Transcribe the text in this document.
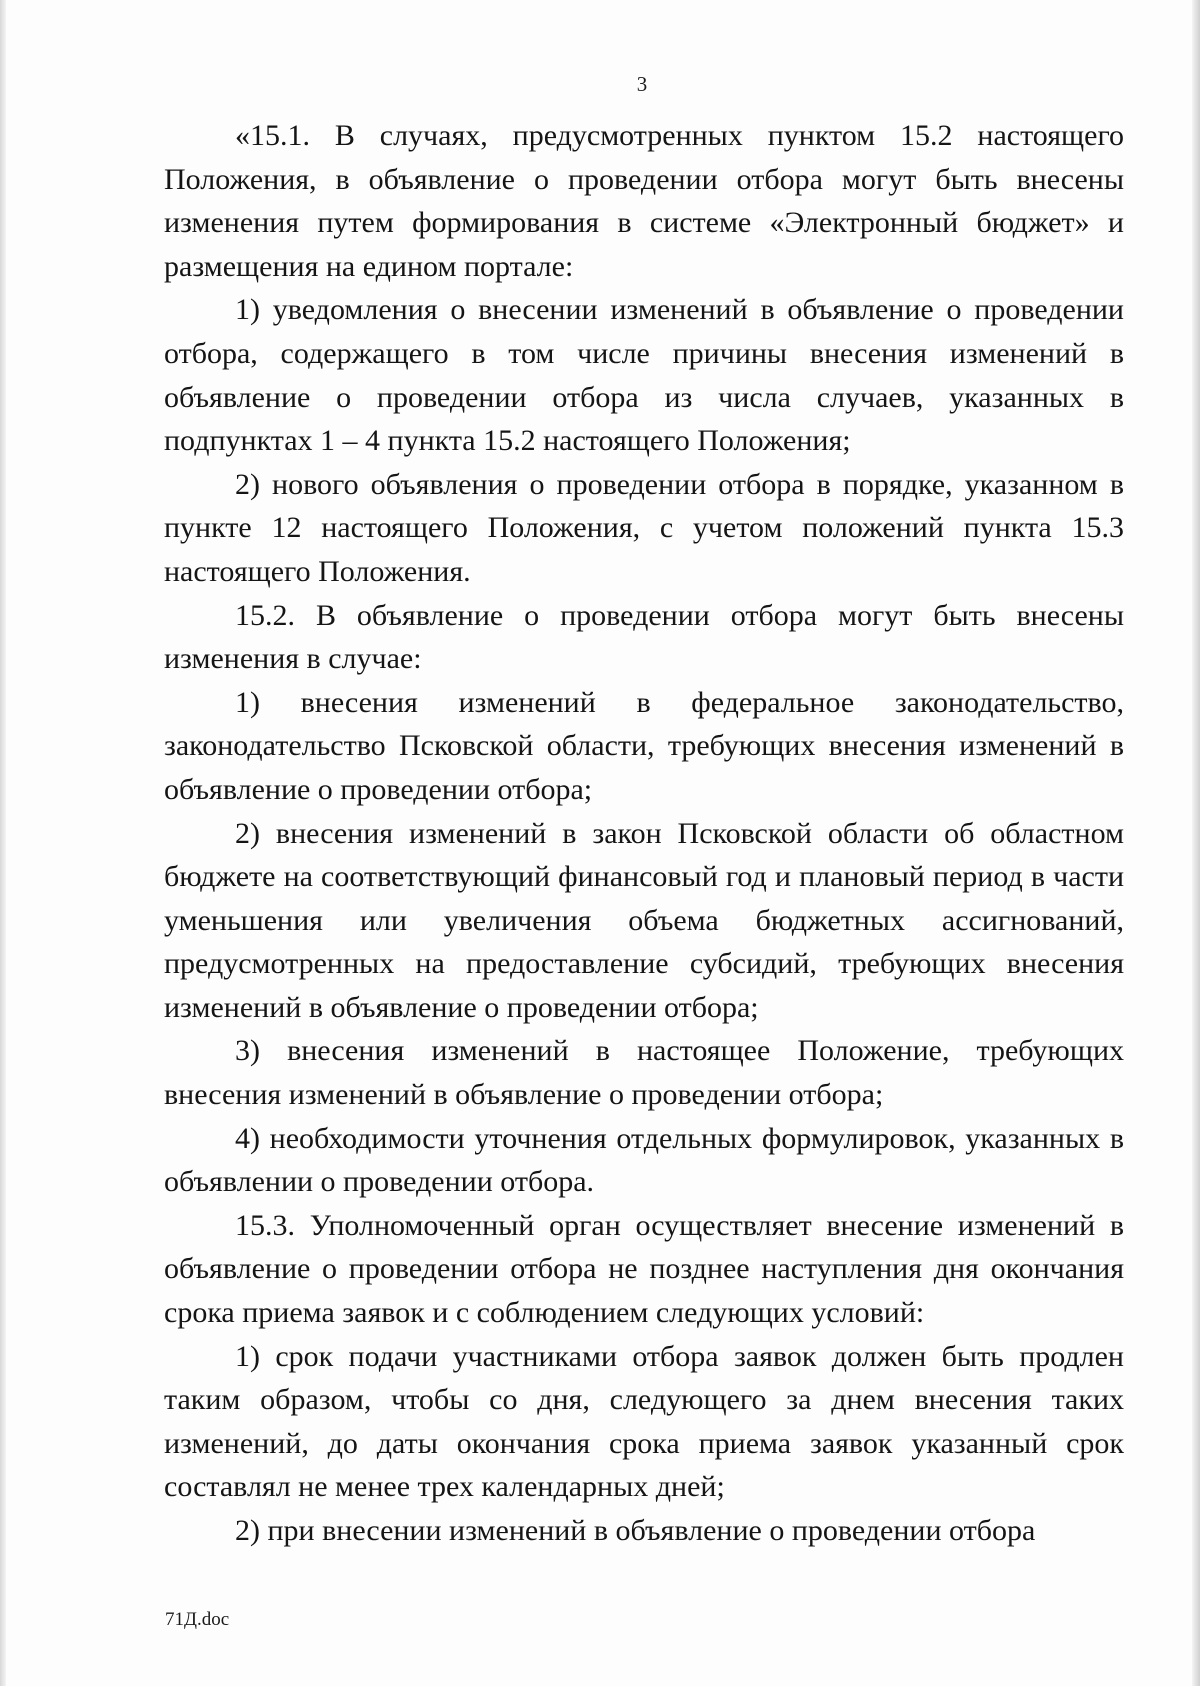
3

«15.1. В случаях, предусмотренных пунктом 15.2 настоящего Положения, в объявление о проведении отбора могут быть внесены изменения путем формирования в системе «Электронный бюджет» и размещения на едином портале:

1) уведомления о внесении изменений в объявление о проведении отбора, содержащего в том числе причины внесения изменений в объявление о проведении отбора из числа случаев, указанных в подпунктах 1 – 4 пункта 15.2 настоящего Положения;

2) нового объявления о проведении отбора в порядке, указанном в пункте 12 настоящего Положения, с учетом положений пункта 15.3 настоящего Положения.

15.2. В объявление о проведении отбора могут быть внесены изменения в случае:

1) внесения изменений в федеральное законодательство, законодательство Псковской области, требующих внесения изменений в объявление о проведении отбора;

2) внесения изменений в закон Псковской области об областном бюджете на соответствующий финансовый год и плановый период в части уменьшения или увеличения объема бюджетных ассигнований, предусмотренных на предоставление субсидий, требующих внесения изменений в объявление о проведении отбора;

3) внесения изменений в настоящее Положение, требующих внесения изменений в объявление о проведении отбора;

4) необходимости уточнения отдельных формулировок, указанных в объявлении о проведении отбора.

15.3. Уполномоченный орган осуществляет внесение изменений в объявление о проведении отбора не позднее наступления дня окончания срока приема заявок и с соблюдением следующих условий:

1) срок подачи участниками отбора заявок должен быть продлен таким образом, чтобы со дня, следующего за днем внесения таких изменений, до даты окончания срока приема заявок указанный срок составлял не менее трех календарных дней;

2) при внесении изменений в объявление о проведении отбора

71Д.doc
